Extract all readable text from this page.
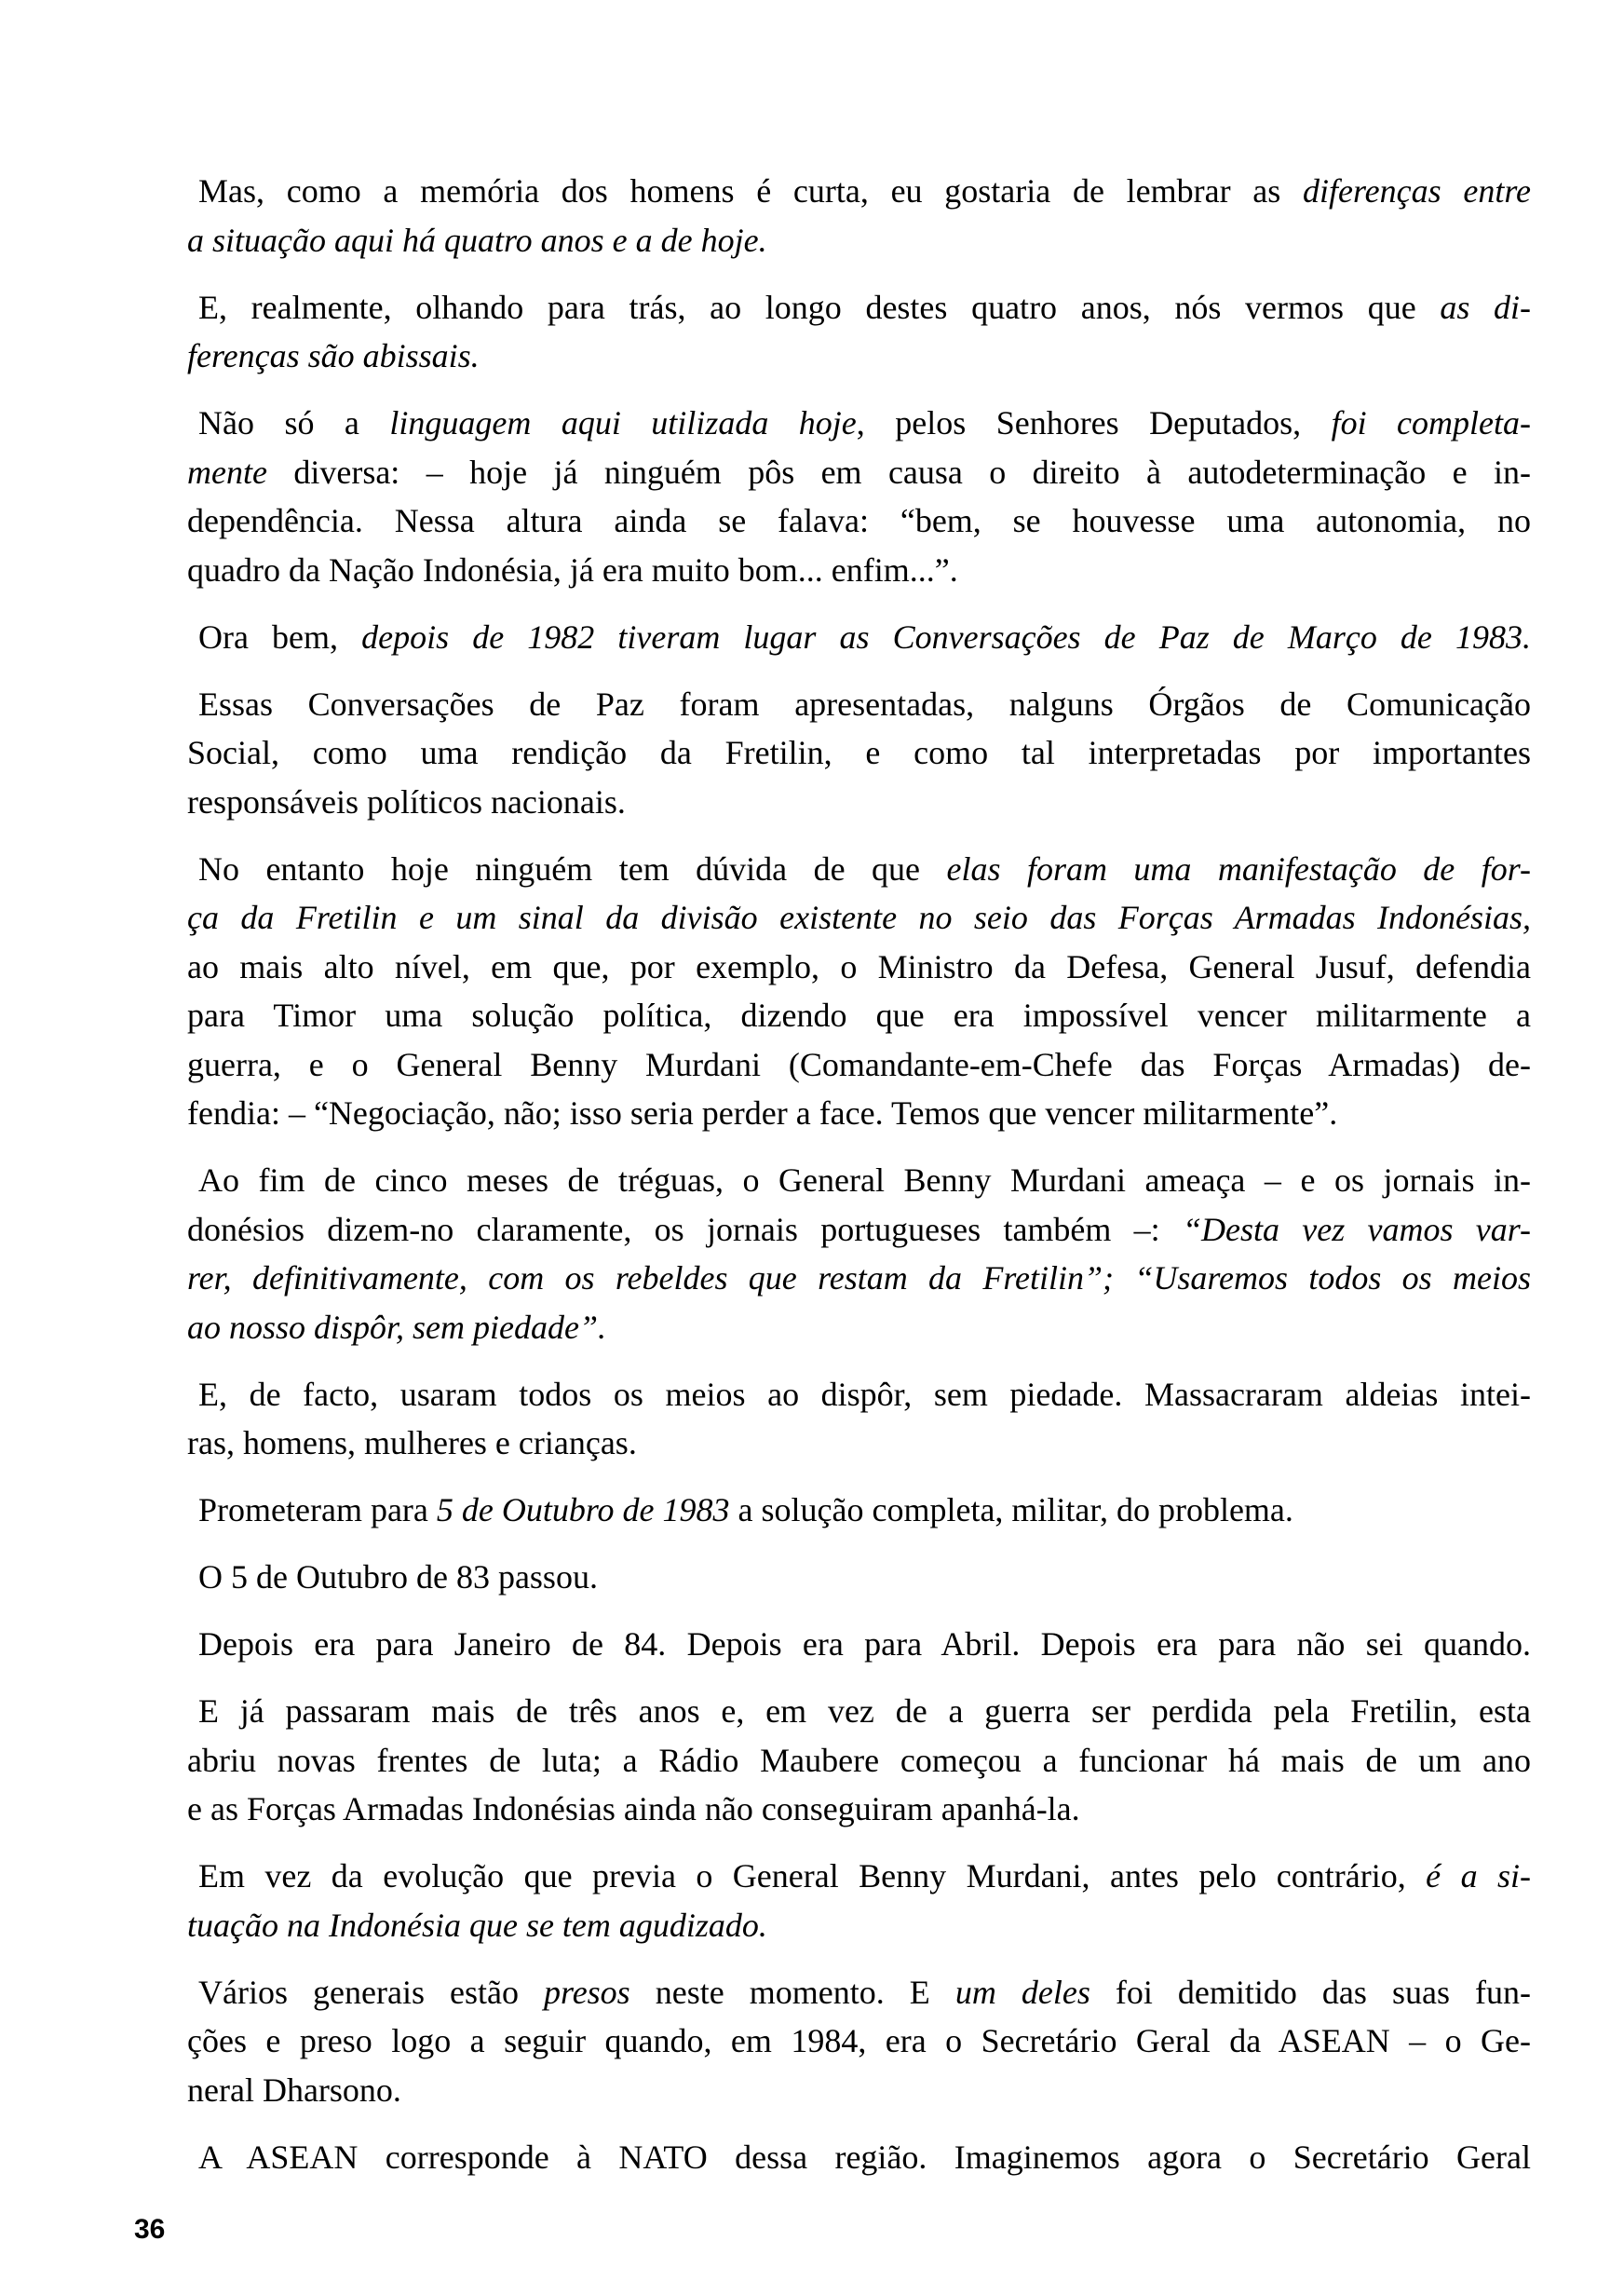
Mas, como a memória dos homens é curta, eu gostaria de lembrar as diferenças entre
a situação aqui há quatro anos e a de hoje.
E, realmente, olhando para trás, ao longo destes quatro anos, nós vermos que as di-
ferenças são abissais.
Não só a linguagem aqui utilizada hoje, pelos Senhores Deputados, foi completa-
mente diversa: – hoje já ninguém pôs em causa o direito à autodeterminação e in-
dependência. Nessa altura ainda se falava: “bem, se houvesse uma autonomia, no
quadro da Nação Indonésia, já era muito bom... enfim...”.
Ora bem, depois de 1982 tiveram lugar as Conversações de Paz de Março de 1983.
Essas Conversações de Paz foram apresentadas, nalguns Órgãos de Comunicação
Social, como uma rendição da Fretilin, e como tal interpretadas por importantes
responsáveis políticos nacionais.
No entanto hoje ninguém tem dúvida de que elas foram uma manifestação de for-
ça da Fretilin e um sinal da divisão existente no seio das Forças Armadas Indonésias,
ao mais alto nível, em que, por exemplo, o Ministro da Defesa, General Jusuf, defendia
para Timor uma solução política, dizendo que era impossível vencer militarmente a
guerra, e o General Benny Murdani (Comandante-em-Chefe das Forças Armadas) de-
fendia: – “Negociação, não; isso seria perder a face. Temos que vencer militarmente”.
Ao fim de cinco meses de tréguas, o General Benny Murdani ameaça – e os jornais in-
donésios dizem-no claramente, os jornais portugueses também –: “Desta vez vamos var-
rer, definitivamente, com os rebeldes que restam da Fretilin”; “Usaremos todos os meios
ao nosso dispôr, sem piedade”.
E, de facto, usaram todos os meios ao dispôr, sem piedade. Massacraram aldeias intei-
ras, homens, mulheres e crianças.
Prometeram para 5 de Outubro de 1983 a solução completa, militar, do problema.
O 5 de Outubro de 83 passou.
Depois era para Janeiro de 84. Depois era para Abril. Depois era para não sei quando.
E já passaram mais de três anos e, em vez de a guerra ser perdida pela Fretilin, esta
abriu novas frentes de luta; a Rádio Maubere começou a funcionar há mais de um ano
e as Forças Armadas Indonésias ainda não conseguiram apanhá-la.
Em vez da evolução que previa o General Benny Murdani, antes pelo contrário, é a si-
tuação na Indonésia que se tem agudizado.
Vários generais estão presos neste momento. E um deles foi demitido das suas fun-
ções e preso logo a seguir quando, em 1984, era o Secretário Geral da ASEAN – o Ge-
neral Dharsono.
A ASEAN corresponde à NATO dessa região. Imaginemos agora o Secretário Geral
36
